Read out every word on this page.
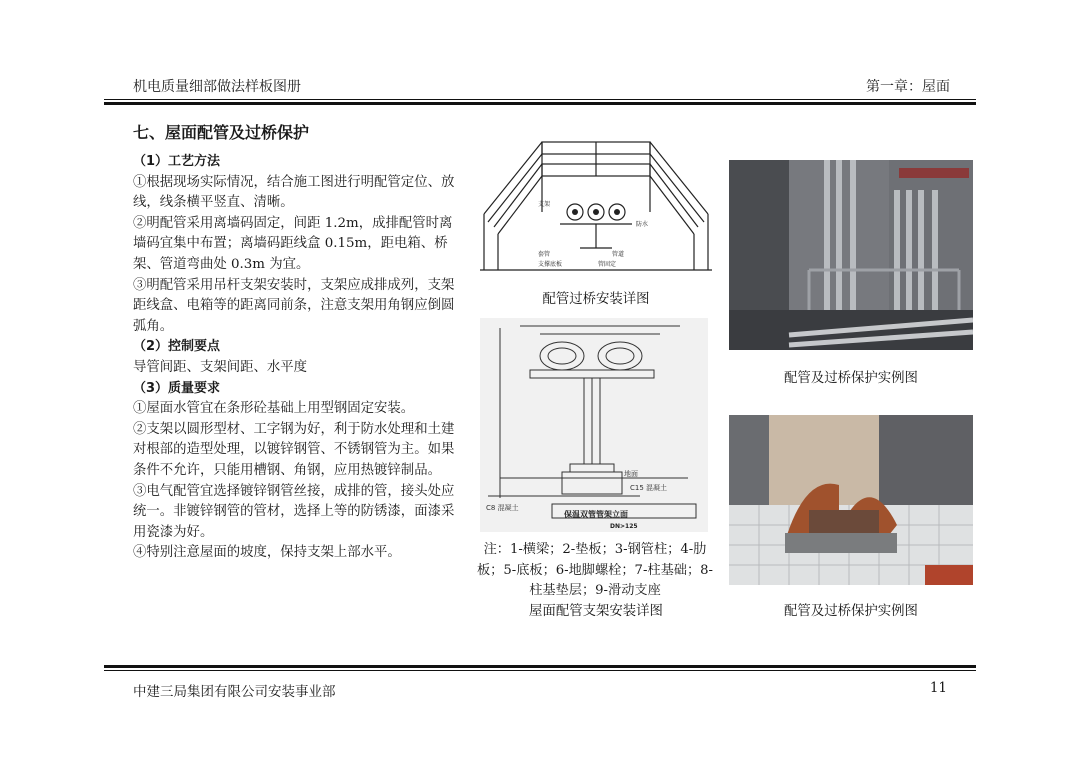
机电质量细部做法样板图册	第一章：屋面
七、屋面配管及过桥保护

（1）工艺方法

①根据现场实际情况，结合施工图进行明配管定位、放线，线条横平竖直、清晰。

②明配管采用离墙码固定，间距 1.2m，成排配管时离墙码宜集中布置；离墙码距线盒 0.15m，距电箱、桥架、管道弯曲处 0.3m 为宜。

③明配管采用吊杆支架安装时，支架应成排成列，支架距线盒、电箱等的距离同前条，注意支架用角钢应倒圆弧角。

（2）控制要点

导管间距、支架间距、水平度

（3）质量要求

①屋面水管宜在条形砼基础上用型钢固定安装。

②支架以圆形型材、工字钢为好，利于防水处理和土建对根部的造型处理，以镀锌钢管、不锈钢管为主。如果条件不允许，只能用槽钢、角钢，应用热镀锌制品。

③电气配管宜选择镀锌钢管丝接，成排的管，接头处应统一。非镀锌钢管的管材，选择上等的防锈漆，面漆采用瓷漆为好。

④特别注意屋面的坡度，保持支架上部水平。

支架
防水
套管
支撑底板
管道
管固定
配管过桥安装详图
地面
C15 混凝土
C8 混凝土
保温双管管架立面
DN>125
注：1-横梁；2-垫板；3-钢管柱；4-肋板；5-底板；6-地脚螺栓；7-柱基础；8-柱基垫层；9-滑动支座
屋面配管支架安装详图
配管及过桥保护实例图
配管及过桥保护实例图
中建三局集团有限公司安装事业部	11
